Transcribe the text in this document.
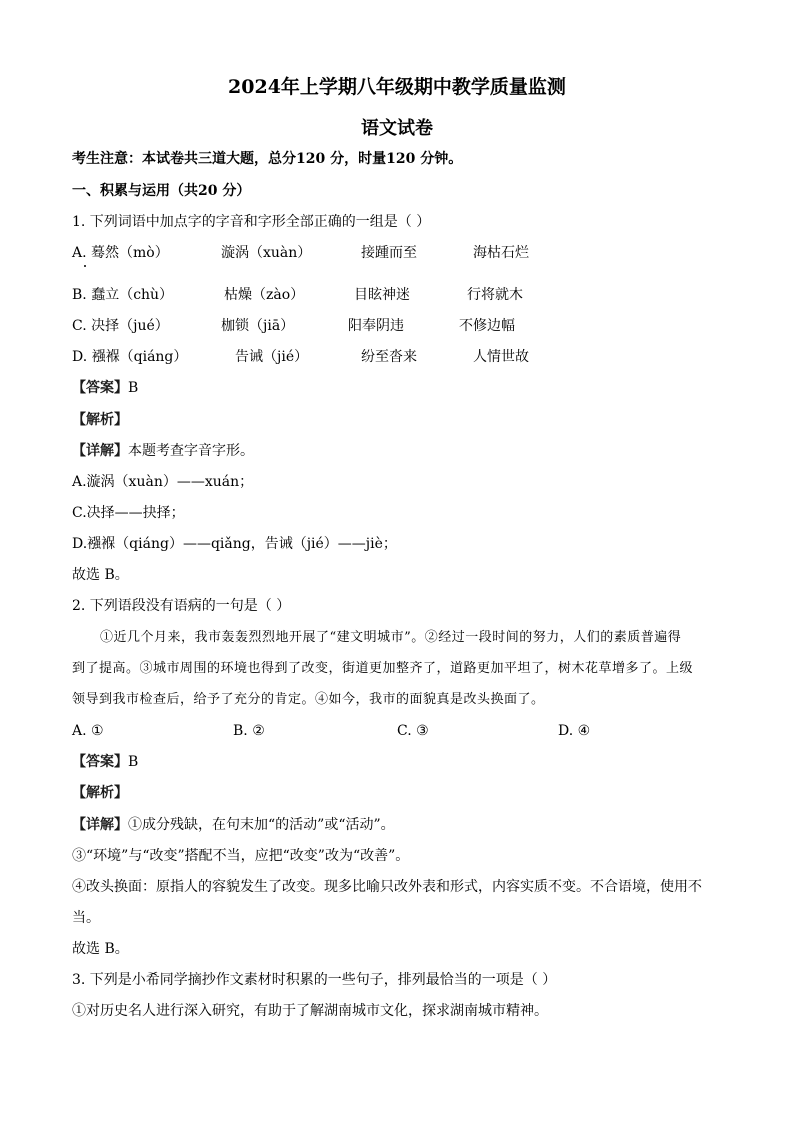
2024年上学期八年级期中教学质量监测
语文试卷
考生注意：本试卷共三道大题，总分120 分，时量120 分钟。
一、积累与运用（共20 分）
1. 下列词语中加点字的字音和字形全部正确的一组是（ ）
A. 蓦然（mò）	漩涡（xuàn）	接踵而至	海枯石烂
B. 蠢立（chù）	枯燥（zào）	目眩神迷	行将就木
C. 决择（jué）	枷锁（jiā）	阳奉阴违	不修边幅
D. 襁褓（qiáng）	告诫（jié）	纷至沓来	人情世故
【答案】B
【解析】
【详解】本题考查字音字形。
A.漩涡（xuàn）——xuán；
C.决择——抉择；
D.襁褓（qiáng）——qiǎng，告诫（jié）——jiè；
故选 B。
2. 下列语段没有语病的一句是（ ）
①近几个月来，我市轰轰烈烈地开展了“建文明城市”。②经过一段时间的努力，人们的素质普遍得
到了提高。③城市周围的环境也得到了改变，街道更加整齐了，道路更加平坦了，树木花草增多了。上级
领导到我市检查后，给予了充分的肯定。④如今，我市的面貌真是改头换面了。
A. ①	B. ②	C. ③	D. ④
【答案】B
【解析】
【详解】①成分残缺，在句末加“的活动”或“活动”。
③“环境”与“改变”搭配不当，应把“改变”改为“改善”。
④改头换面：原指人的容貌发生了改变。现多比喻只改外表和形式，内容实质不变。不合语境，使用不
当。
故选 B。
3. 下列是小希同学摘抄作文素材时积累的一些句子，排列最恰当的一项是（ ）
①对历史名人进行深入研究，有助于了解湖南城市文化，探求湖南城市精神。
